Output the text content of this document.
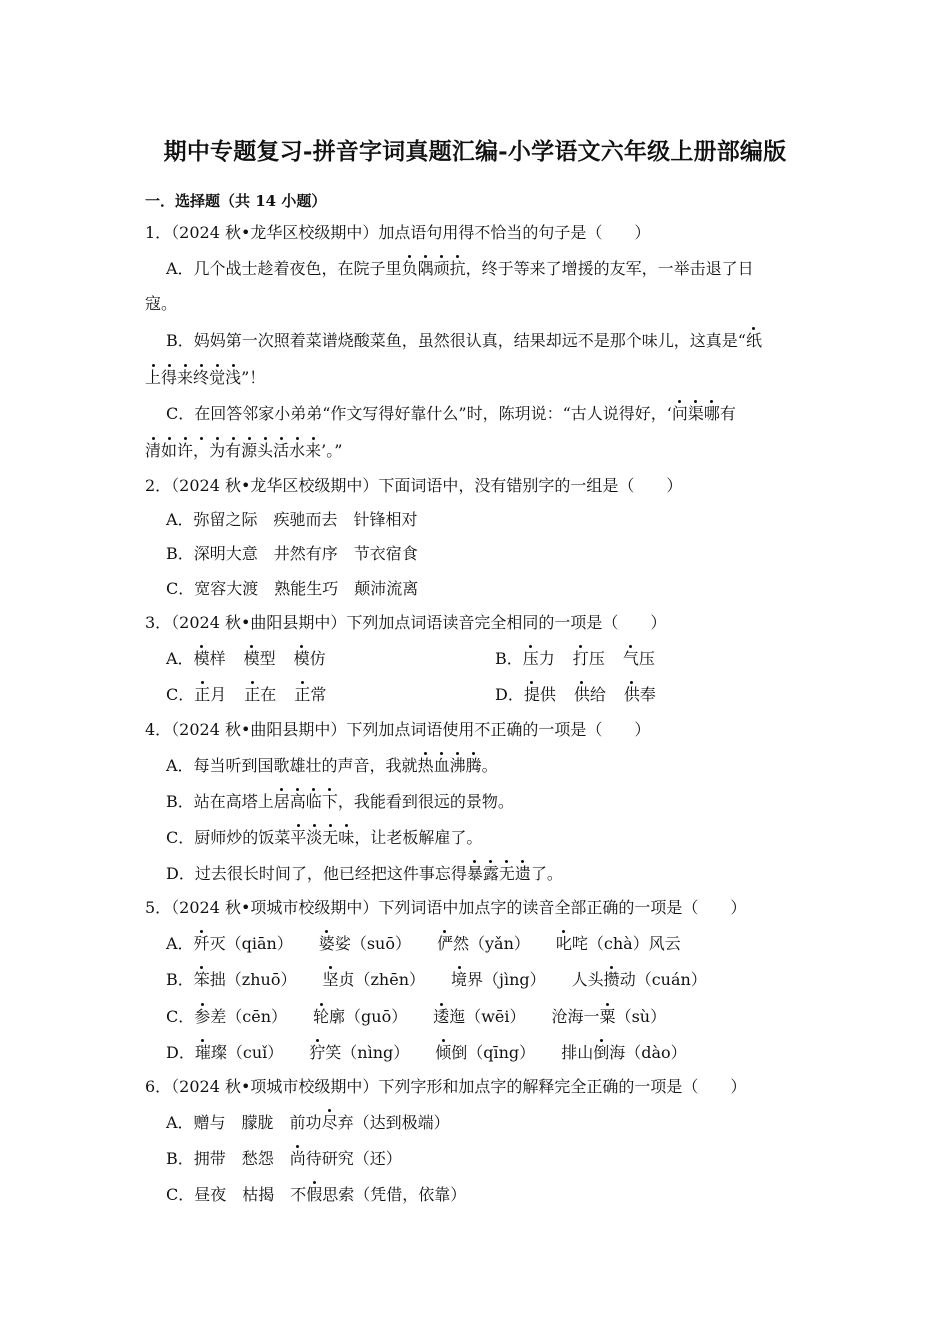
期中专题复习-拼音字词真题汇编-小学语文六年级上册部编版
一．选择题（共 14 小题）
1．（2024 秋•龙华区校级期中）加点语句用得不恰当的句子是（　　）
A．几个战士趁着夜色，在院子里负隅顽抗，终于等来了增援的友军，一举击退了日
寇。
B．妈妈第一次照着菜谱烧酸菜鱼，虽然很认真，结果却远不是那个味儿，这真是“纸
上得来终觉浅”！
C．在回答邻家小弟弟“作文写得好靠什么”时，陈玥说：“古人说得好，‘问渠哪有
清如许，为有源头活水来’。”
2．（2024 秋•龙华区校级期中）下面词语中，没有错别字的一组是（　　）
A．弥留之际　疾驰而去　针锋相对
B．深明大意　井然有序　节衣宿食
C．宽容大渡　熟能生巧　颠沛流离
3．（2024 秋•曲阳县期中）下列加点词语读音完全相同的一项是（　　）
A．模样 模型 模仿	B．压力 打压 气压
C．正月 正在 正常	D．提供 供给 供奉
4．（2024 秋•曲阳县期中）下列加点词语使用不正确的一项是（　　）
A．每当听到国歌雄壮的声音，我就热血沸腾。
B．站在高塔上居高临下，我能看到很远的景物。
C．厨师炒的饭菜平淡无味，让老板解雇了。
D．过去很长时间了，他已经把这件事忘得暴露无遗了。
5．（2024 秋•项城市校级期中）下列词语中加点字的读音全部正确的一项是（　　）
A．歼灭（qiān） 婆娑（suō） 俨然（yǎn） 叱咤（chà）风云
B．笨拙（zhuō） 坚贞（zhēn） 境界（jìng） 人头攒动（cuán）
C．参差（cēn） 轮廓（guō） 逶迤（wēi） 沧海一粟（sù）
D．璀璨（cuǐ） 狞笑（nìng） 倾倒（qīng） 排山倒海（dào）
6．（2024 秋•项城市校级期中）下列字形和加点字的解释完全正确的一项是（　　）
A．赠与　朦胧　前功尽弃（达到极端）
B．拥带　愁怨　尚待研究（还）
C．昼夜　枯揭　不假思索（凭借，依靠）
